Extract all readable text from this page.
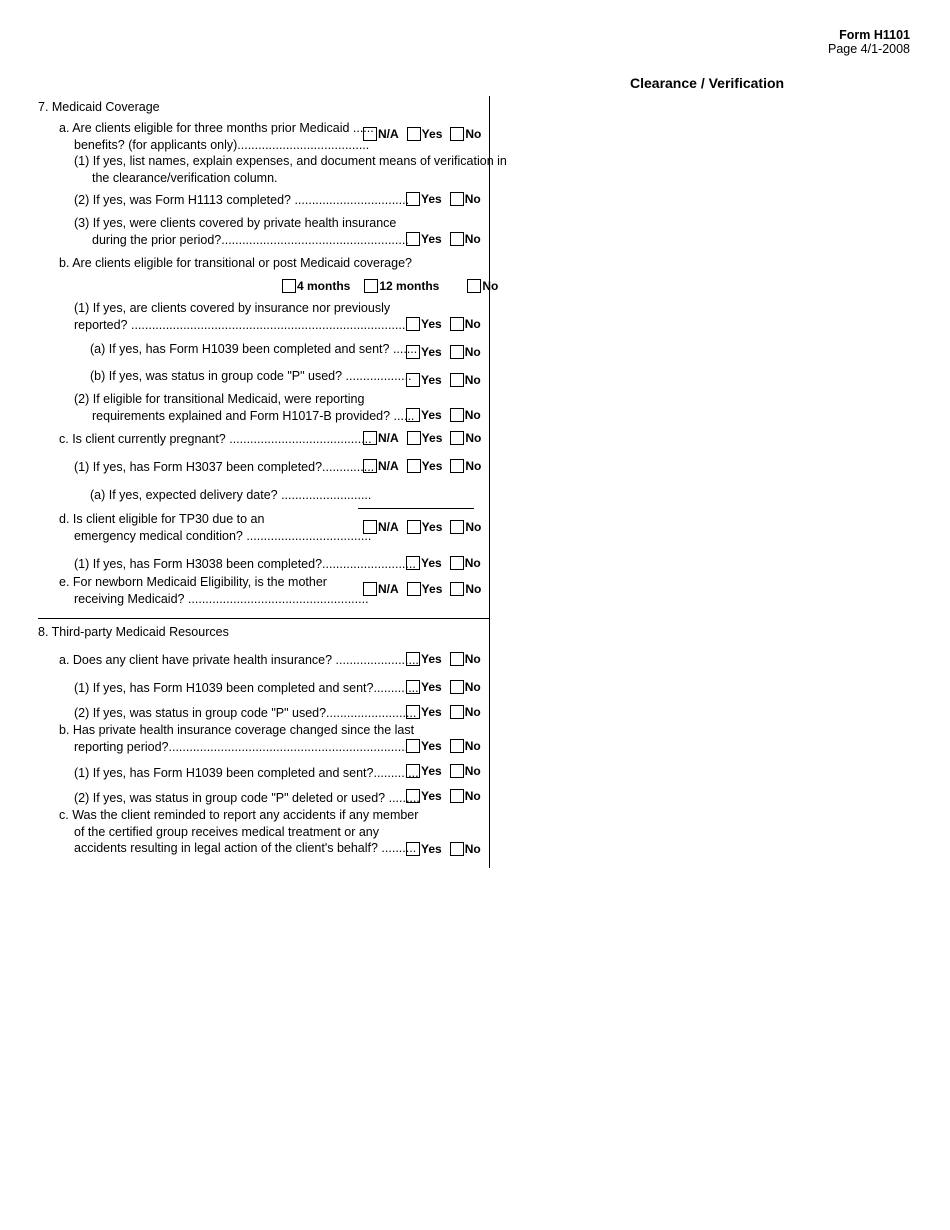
Form H1101
Page 4/1-2008
Clearance / Verification
7. Medicaid Coverage
a. Are clients eligible for three months prior Medicaid ......
benefits? (for applicants only)......................................
N/A Yes No
(1) If yes, list names, explain expenses, and document means of verification in
the clearance/verification column.
(2) If yes, was Form H1113 completed? ................................. Yes No
(3) If yes, were clients covered by private health insurance
during the prior period?...................................................... Yes No
b. Are clients eligible for transitional or post Medicaid coverage?
4 months 12 months	No
(1) If yes, are clients covered by insurance nor previously
reported? ............................................................................... Yes No
(a) If yes, has Form H1039 been completed and sent? ....... Yes No
(b) If yes, was status in group code "P" used? ................... Yes No
(2) If eligible for transitional Medicaid, were reporting
requirements explained and Form H1017-B provided? ...... Yes No
c. Is client currently pregnant? ......................................... N/A Yes No
(1) If yes, has Form H3037 been completed?............... N/A Yes No
(a) If yes, expected delivery date? ..........................
d. Is client eligible for TP30 due to an
emergency medical condition? ....................................
N/A Yes No
(1) If yes, has Form H3038 been completed?........................... Yes No
e. For newborn Medicaid Eligibility, is the mother
receiving Medicaid? ....................................................
N/A Yes No
8. Third-party Medicaid Resources
a. Does any client have private health insurance? ........................ Yes No
(1) If yes, has Form H1039 been completed and sent?............. Yes No
(2) If yes, was status in group code "P" used?.......................... Yes No
b. Has private health insurance coverage changed since the last
reporting period?.....................................................................	Yes No
(1) If yes, has Form H1039 been completed and sent?............. Yes No
(2) If yes, was status in group code "P" deleted or used? ......... Yes No
c. Was the client reminded to report any accidents if any member
of the certified group receives medical treatment or any
accidents resulting in legal action of the client's behalf? .......... Yes No
